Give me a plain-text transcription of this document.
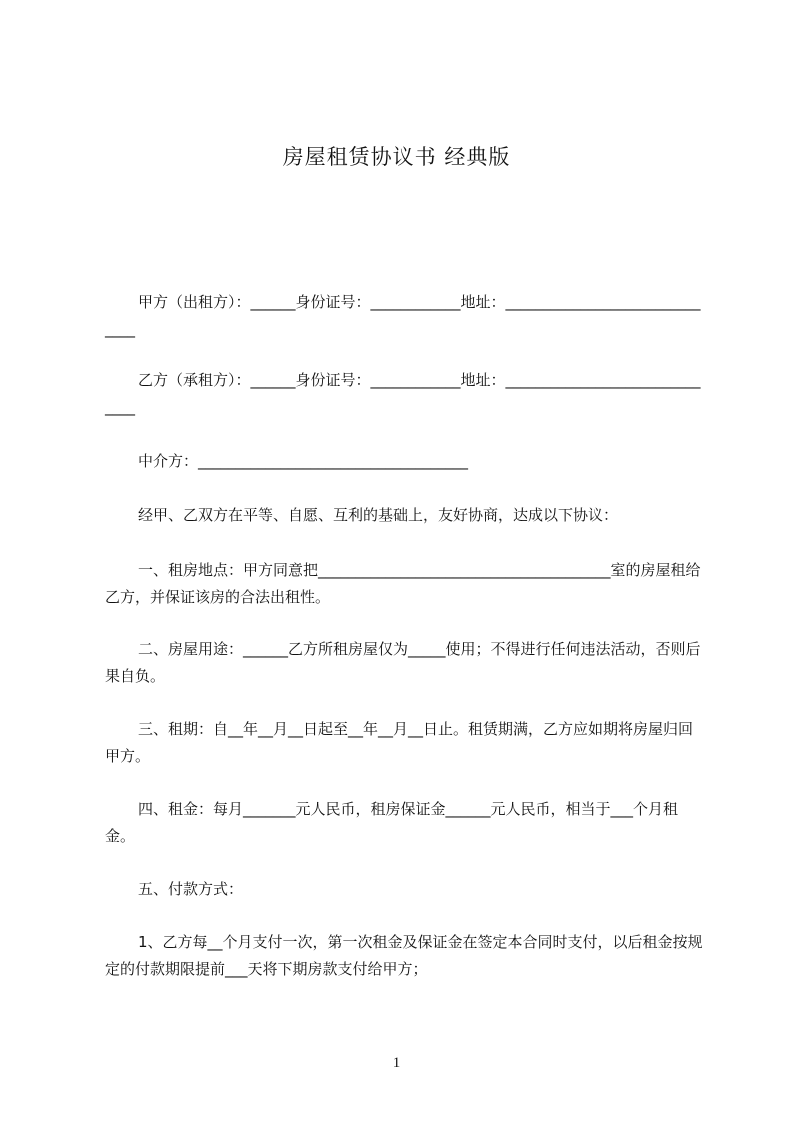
房屋租赁协议书 经典版

甲方（出租方）：______身份证号：____________地址：______________________________

乙方（承租方）：______身份证号：____________地址：______________________________

中介方：____________________________________

经甲、乙双方在平等、自愿、互利的基础上，友好协商，达成以下协议：

一、租房地点：甲方同意把_______________________________________室的房屋租给乙方，并保证该房的合法出租性。

二、房屋用途：______乙方所租房屋仅为_____使用；不得进行任何违法活动，否则后果自负。

三、租期：自__年__月__日起至__年__月__日止。租赁期满，乙方应如期将房屋归回甲方。

四、租金：每月_______元人民币，租房保证金______元人民币，相当于___个月租金。

五、付款方式：

1、乙方每__个月支付一次，第一次租金及保证金在签定本合同时支付，以后租金按规定的付款期限提前___天将下期房款支付给甲方；

1
